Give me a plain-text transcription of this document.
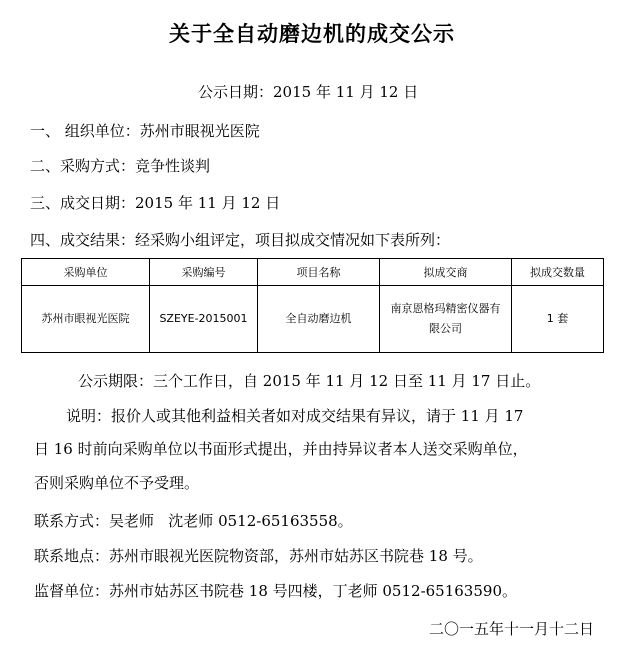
关于全自动磨边机的成交公示
公示日期：2015 年 11 月 12 日
一、 组织单位：苏州市眼视光医院
二、采购方式：竞争性谈判
三、成交日期：2015 年 11 月 12 日
四、成交结果：经采购小组评定，项目拟成交情况如下表所列：
采购单位	采购编号	项目名称	拟成交商	拟成交数量
苏州市眼视光医院	SZEYE-2015001	全自动磨边机	南京恩格玛精密仪器有限公司	1 套
公示期限：三个工作日，自 2015 年 11 月 12 日至 11 月 17 日止。
说明：报价人或其他利益相关者如对成交结果有异议，请于 11 月 17
日 16 时前向采购单位以书面形式提出，并由持异议者本人送交采购单位，
否则采购单位不予受理。
联系方式：吴老师   沈老师 0512-65163558。
联系地点：苏州市眼视光医院物资部，苏州市姑苏区书院巷 18 号。
监督单位：苏州市姑苏区书院巷 18 号四楼，丁老师 0512-65163590。
二〇一五年十一月十二日
